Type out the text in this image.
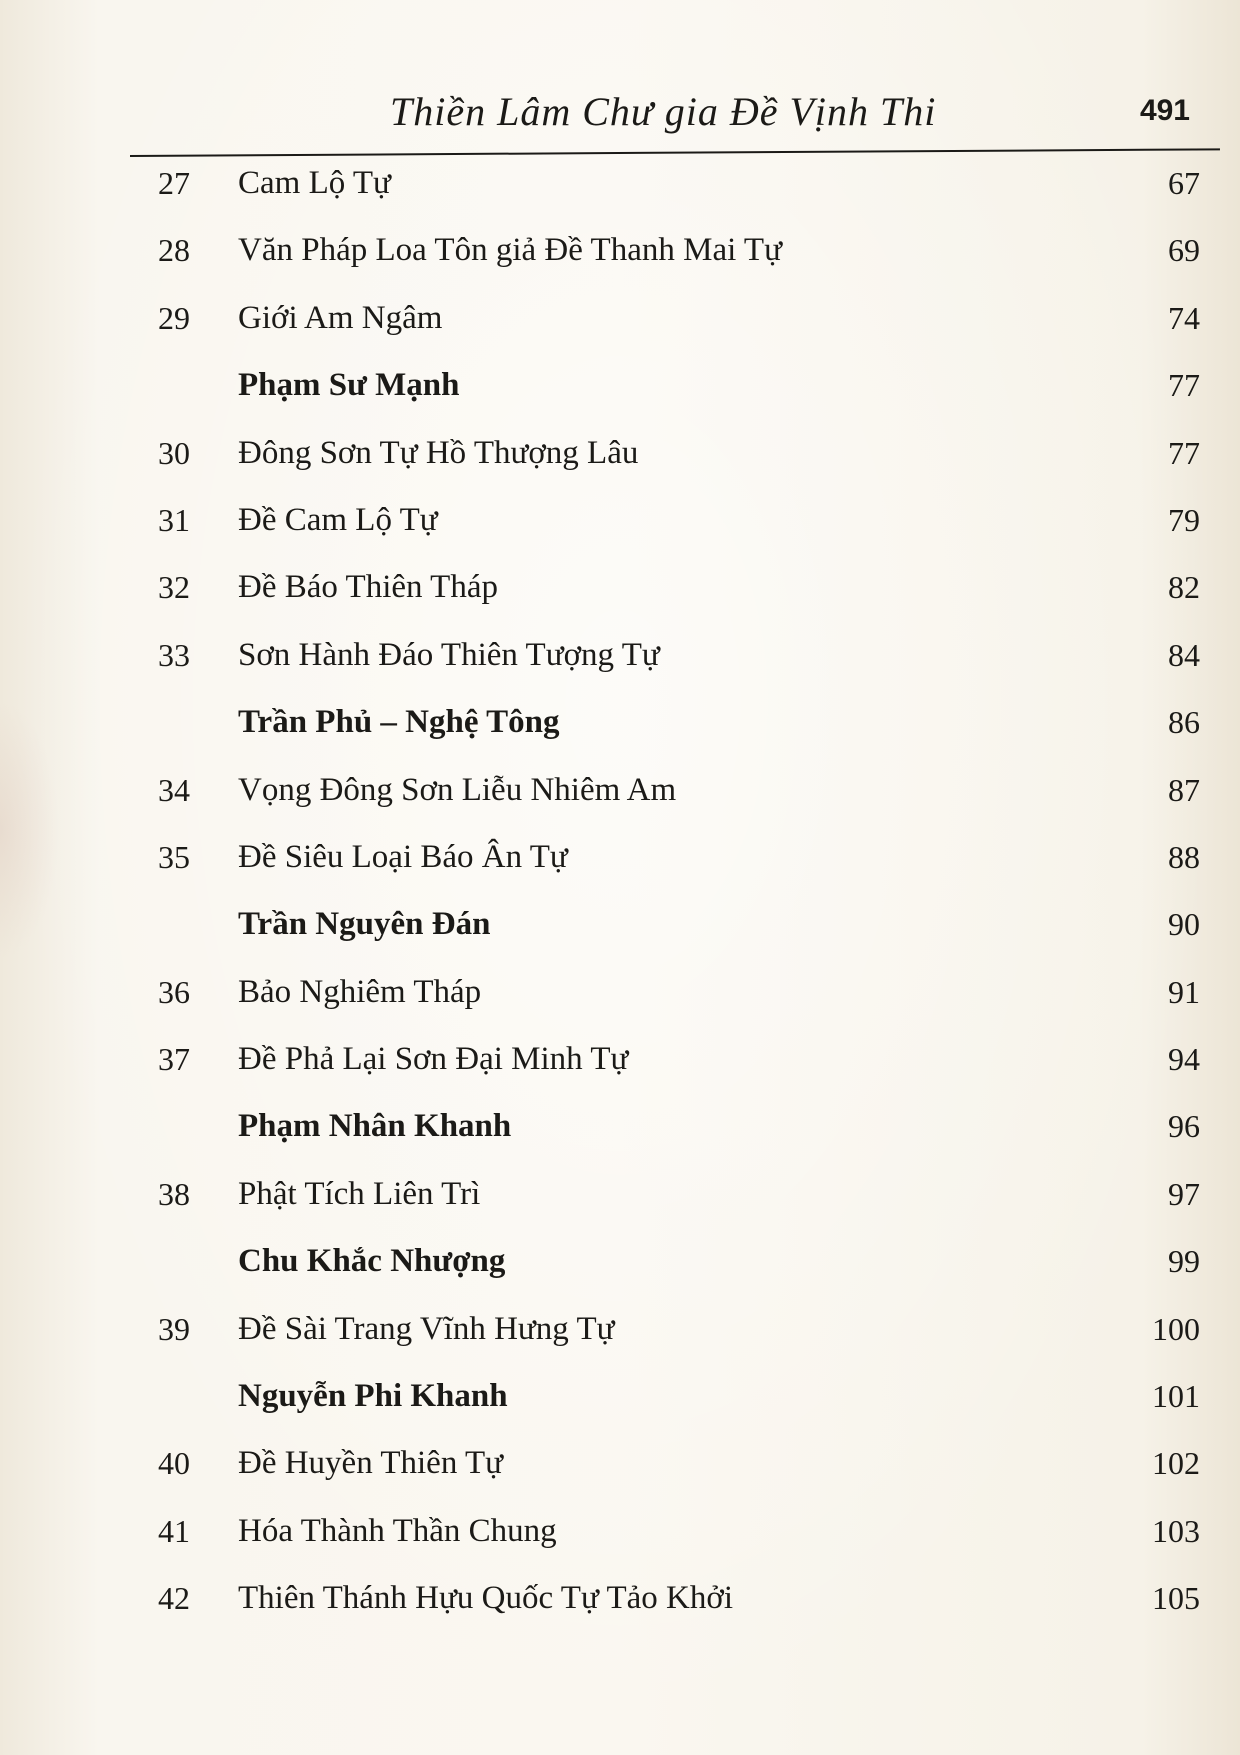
Thiền Lâm Chư gia Đề Vịnh Thi	491
27	Cam Lộ Tự	67
28	Văn Pháp Loa Tôn giả Đề Thanh Mai Tự	69
29	Giới Am Ngâm	74
Phạm Sư Mạnh	77
30	Đông Sơn Tự Hồ Thượng Lâu	77
31	Đề Cam Lộ Tự	79
32	Đề Báo Thiên Tháp	82
33	Sơn Hành Đáo Thiên Tượng Tự	84
Trần Phủ – Nghệ Tông	86
34	Vọng Đông Sơn Liễu Nhiêm Am	87
35	Đề Siêu Loại Báo Ân Tự	88
Trần Nguyên Đán	90
36	Bảo Nghiêm Tháp	91
37	Đề Phả Lại Sơn Đại Minh Tự	94
Phạm Nhân Khanh	96
38	Phật Tích Liên Trì	97
Chu Khắc Nhượng	99
39	Đề Sài Trang Vĩnh Hưng Tự	100
Nguyễn Phi Khanh	101
40	Đề Huyền Thiên Tự	102
41	Hóa Thành Thần Chung	103
42	Thiên Thánh Hựu Quốc Tự Tảo Khởi	105
